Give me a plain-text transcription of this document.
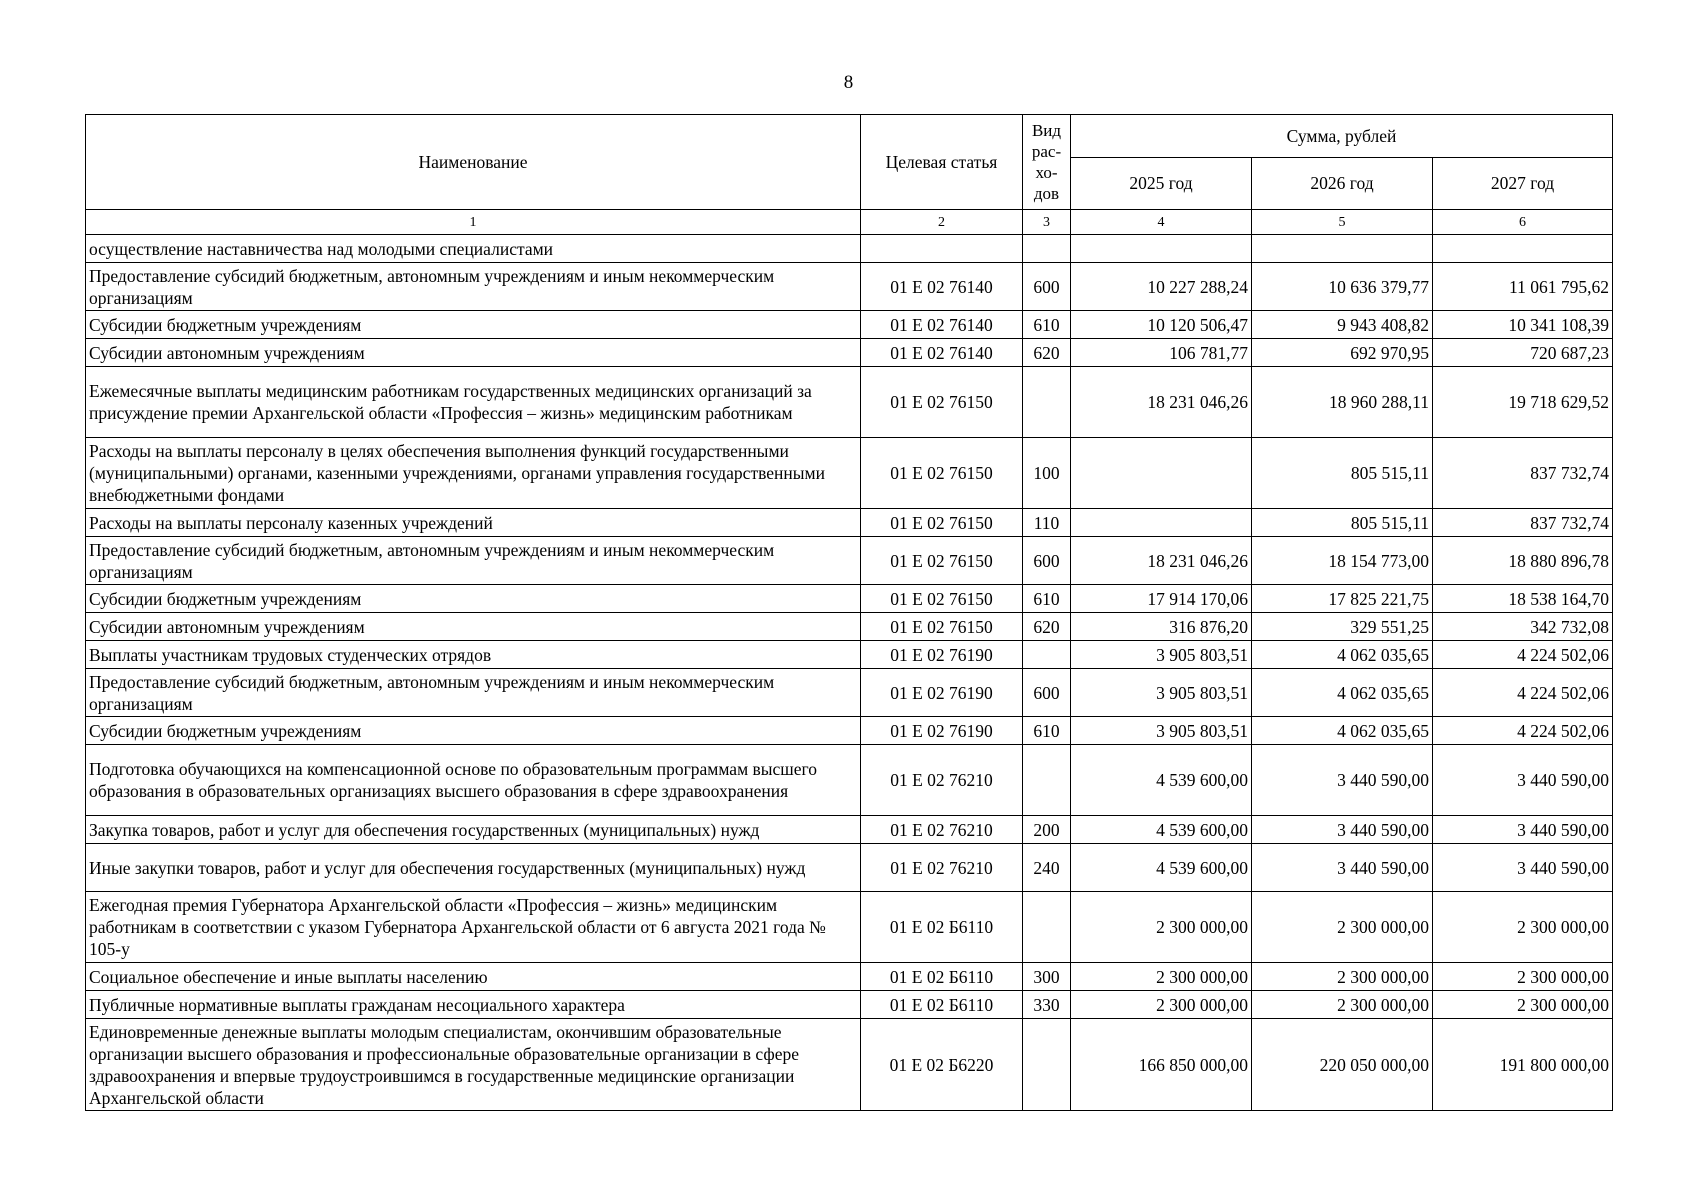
8
Наименование	Целевая статья	Вид рас-хо-дов	Сумма, рублей		
			2025 год	2026 год	2027 год
1	2	3	4	5	6
осуществление наставничества над молодыми специалистами					
Предоставление субсидий бюджетным, автономным учреждениям и иным некоммерческим организациям	01 Е 02 76140	600	10 227 288,24	10 636 379,77	11 061 795,62
Субсидии бюджетным учреждениям	01 Е 02 76140	610	10 120 506,47	9 943 408,82	10 341 108,39
Субсидии автономным учреждениям	01 Е 02 76140	620	106 781,77	692 970,95	720 687,23
Ежемесячные выплаты медицинским работникам государственных медицинских организаций за присуждение премии Архангельской области «Профессия – жизнь» медицинским работникам	01 Е 02 76150		18 231 046,26	18 960 288,11	19 718 629,52
Расходы на выплаты персоналу в целях обеспечения выполнения функций государственными (муниципальными) органами, казенными учреждениями, органами управления государственными внебюджетными фондами	01 Е 02 76150	100		805 515,11	837 732,74
Расходы на выплаты персоналу казенных учреждений	01 Е 02 76150	110		805 515,11	837 732,74
Предоставление субсидий бюджетным, автономным учреждениям и иным некоммерческим организациям	01 Е 02 76150	600	18 231 046,26	18 154 773,00	18 880 896,78
Субсидии бюджетным учреждениям	01 Е 02 76150	610	17 914 170,06	17 825 221,75	18 538 164,70
Субсидии автономным учреждениям	01 Е 02 76150	620	316 876,20	329 551,25	342 732,08
Выплаты участникам трудовых студенческих отрядов	01 Е 02 76190		3 905 803,51	4 062 035,65	4 224 502,06
Предоставление субсидий бюджетным, автономным учреждениям и иным некоммерческим организациям	01 Е 02 76190	600	3 905 803,51	4 062 035,65	4 224 502,06
Субсидии бюджетным учреждениям	01 Е 02 76190	610	3 905 803,51	4 062 035,65	4 224 502,06
Подготовка обучающихся на компенсационной основе по образовательным программам высшего образования в образовательных организациях высшего образования в сфере здравоохранения	01 Е 02 76210		4 539 600,00	3 440 590,00	3 440 590,00
Закупка товаров, работ и услуг для обеспечения государственных (муниципальных) нужд	01 Е 02 76210	200	4 539 600,00	3 440 590,00	3 440 590,00
Иные закупки товаров, работ и услуг для обеспечения государственных (муниципальных) нужд	01 Е 02 76210	240	4 539 600,00	3 440 590,00	3 440 590,00
Ежегодная премия Губернатора Архангельской области «Профессия – жизнь» медицинским работникам в соответствии с указом Губернатора Архангельской области от 6 августа 2021 года № 105-у	01 Е 02 Б6110		2 300 000,00	2 300 000,00	2 300 000,00
Социальное обеспечение и иные выплаты населению	01 Е 02 Б6110	300	2 300 000,00	2 300 000,00	2 300 000,00
Публичные нормативные выплаты гражданам несоциального характера	01 Е 02 Б6110	330	2 300 000,00	2 300 000,00	2 300 000,00
Единовременные денежные выплаты молодым специалистам, окончившим образовательные организации высшего образования и профессиональные образовательные организации в сфере здравоохранения и впервые трудоустроившимся в государственные медицинские организации Архангельской области	01 Е 02 Б6220		166 850 000,00	220 050 000,00	191 800 000,00
